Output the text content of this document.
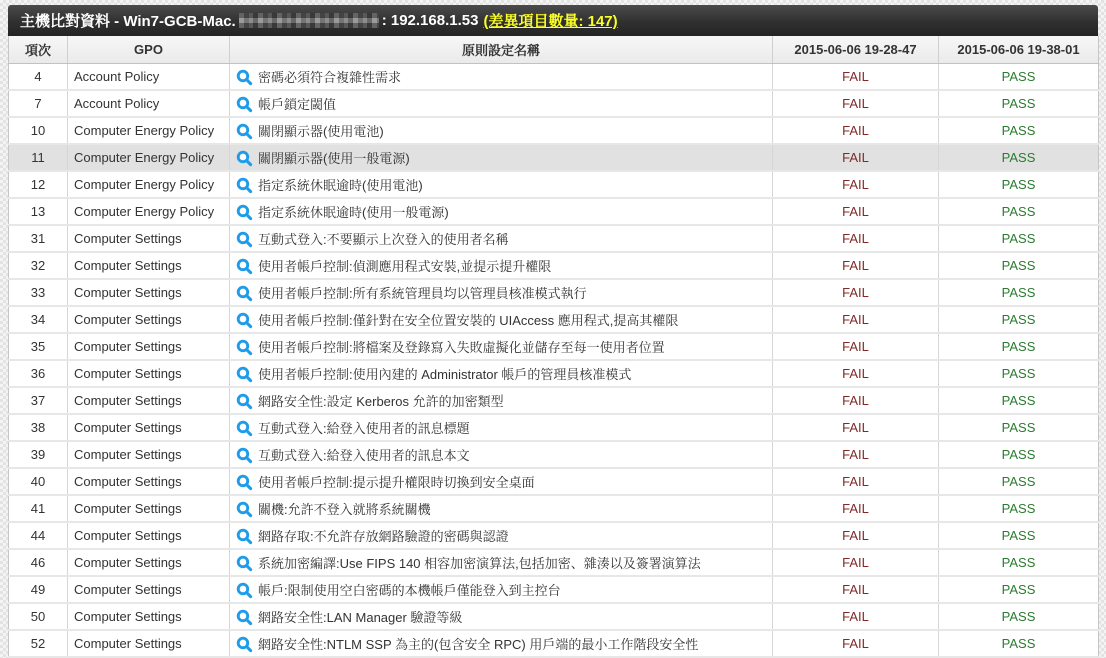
主機比對資料 - Win7-GCB-Mac.	: 192.168.1.53 (差異項目數量: 147)
項次	GPO	原則設定名稱	2015-06-06 19-28-47	2015-06-06 19-38-01
4	Account Policy	密碼必須符合複雜性需求	FAIL	PASS
7	Account Policy	帳戶鎖定閾值	FAIL	PASS
10	Computer Energy Policy	關閉顯示器(使用電池)	FAIL	PASS
11	Computer Energy Policy	關閉顯示器(使用一般電源)	FAIL	PASS
12	Computer Energy Policy	指定系統休眠逾時(使用電池)	FAIL	PASS
13	Computer Energy Policy	指定系統休眠逾時(使用一般電源)	FAIL	PASS
31	Computer Settings	互動式登入:不要顯示上次登入的使用者名稱	FAIL	PASS
32	Computer Settings	使用者帳戶控制:偵測應用程式安裝,並提示提升權限	FAIL	PASS
33	Computer Settings	使用者帳戶控制:所有系統管理員均以管理員核准模式執行	FAIL	PASS
34	Computer Settings	使用者帳戶控制:僅針對在安全位置安裝的 UIAccess 應用程式,提高其權限	FAIL	PASS
35	Computer Settings	使用者帳戶控制:將檔案及登錄寫入失敗虛擬化並儲存至每一使用者位置	FAIL	PASS
36	Computer Settings	使用者帳戶控制:使用內建的 Administrator 帳戶的管理員核准模式	FAIL	PASS
37	Computer Settings	網路安全性:設定 Kerberos 允許的加密類型	FAIL	PASS
38	Computer Settings	互動式登入:給登入使用者的訊息標題	FAIL	PASS
39	Computer Settings	互動式登入:給登入使用者的訊息本文	FAIL	PASS
40	Computer Settings	使用者帳戶控制:提示提升權限時切換到安全桌面	FAIL	PASS
41	Computer Settings	關機:允許不登入就將系統關機	FAIL	PASS
44	Computer Settings	網路存取:不允許存放網路驗證的密碼與認證	FAIL	PASS
46	Computer Settings	系統加密編譯:Use FIPS 140 相容加密演算法,包括加密、雜湊以及簽署演算法	FAIL	PASS
49	Computer Settings	帳戶:限制使用空白密碼的本機帳戶僅能登入到主控台	FAIL	PASS
50	Computer Settings	網路安全性:LAN Manager 驗證等級	FAIL	PASS
52	Computer Settings	網路安全性:NTLM SSP 為主的(包含安全 RPC) 用戶端的最小工作階段安全性	FAIL	PASS
